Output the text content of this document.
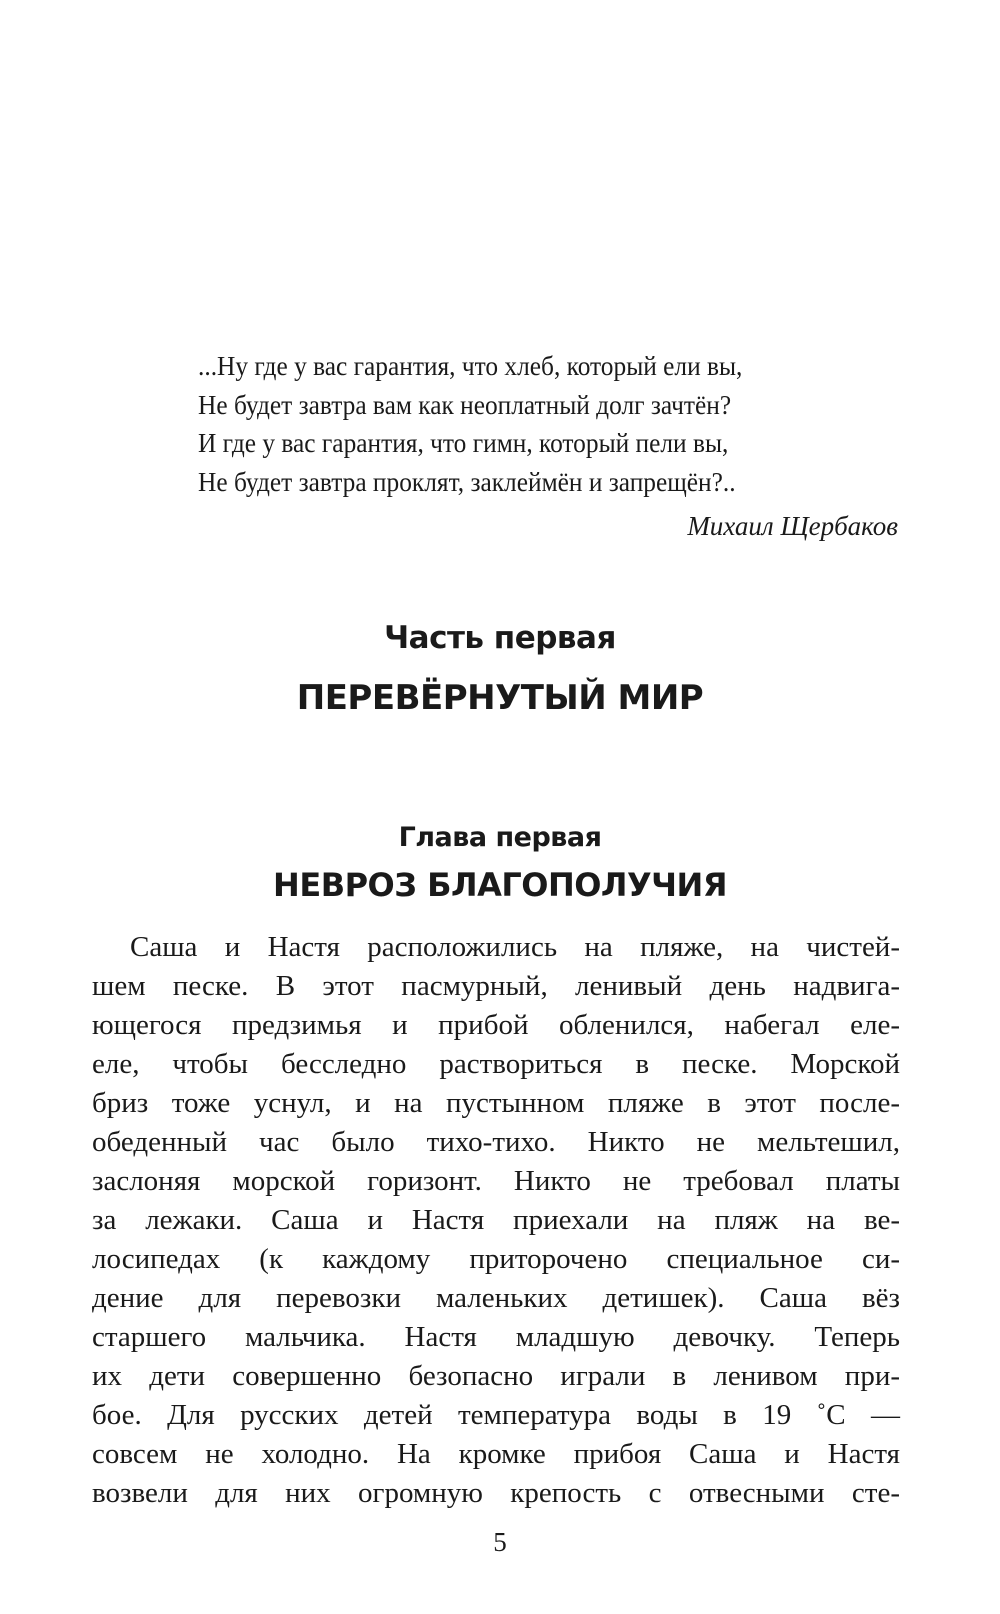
...Ну где у вас гарантия, что хлеб, который ели вы,
Не будет завтра вам как неоплатный долг зачтён?
И где у вас гарантия, что гимн, который пели вы,
Не будет завтра проклят, заклеймён и запрещён?..
Михаил Щербаков
Часть первая
ПЕРЕВЁРНУТЫЙ МИР
Глава первая
НЕВРОЗ БЛАГОПОЛУЧИЯ
Саша и Настя расположились на пляже, на чистей-
шем песке. В этот пасмурный, ленивый день надвига-
ющегося предзимья и прибой обленился, набегал еле-
еле, чтобы бесследно раствориться в песке. Морской
бриз тоже уснул, и на пустынном пляже в этот после-
обеденный час было тихо-тихо. Никто не мельтешил,
заслоняя морской горизонт. Никто не требовал платы
за лежаки. Саша и Настя приехали на пляж на ве-
лосипедах (к каждому приторочено специальное си-
дение для перевозки маленьких детишек). Саша вёз
старшего мальчика. Настя младшую девочку. Теперь
их дети совершенно безопасно играли в ленивом при-
бое. Для русских детей температура воды в 19 ˚С —
совсем не холодно. На кромке прибоя Саша и Настя
возвели для них огромную крепость с отвесными сте-
5
